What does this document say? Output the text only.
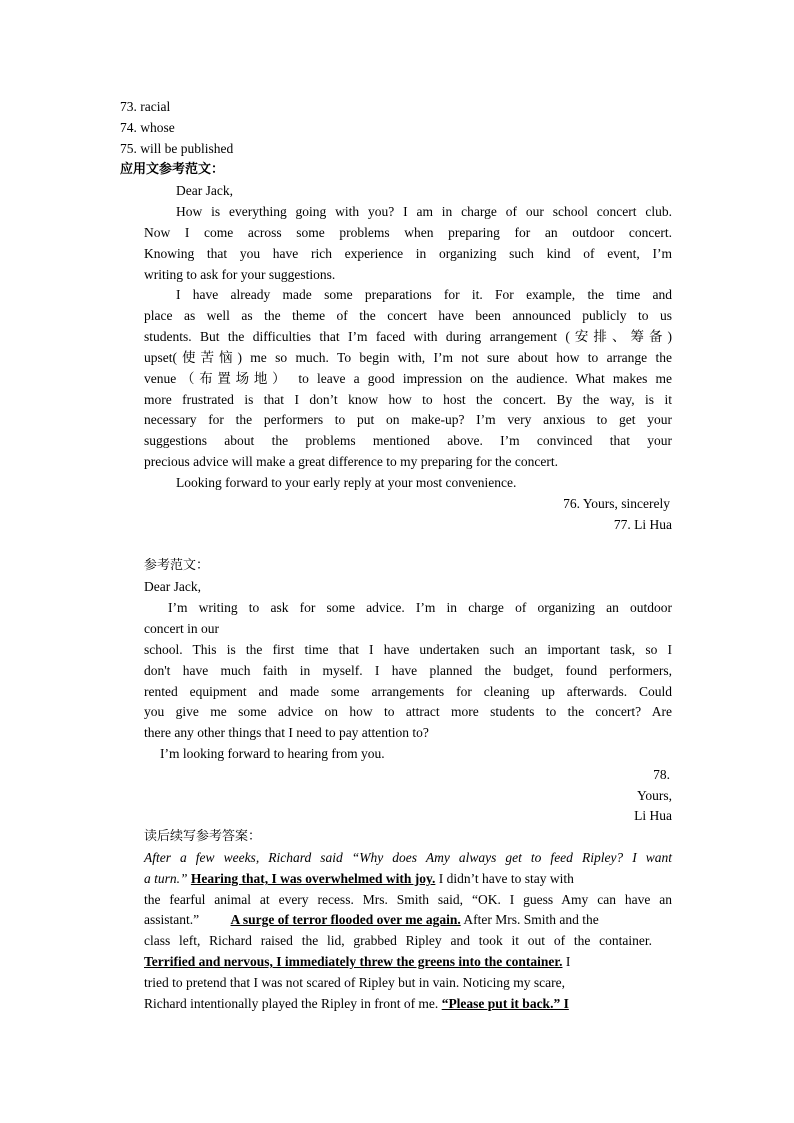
73. racial
74. whose
75. will be published
应用文参考范文：
Dear Jack,
How is everything going with you? I am in charge of our school concert club.
Now I come across some problems when preparing for an outdoor concert.
Knowing that you have rich experience in organizing such kind of event, I’m
writing to ask for your suggestions.
I have already made some preparations for it. For example, the time and
place as well as the theme of the concert have been announced publicly to us
students. But the difficulties that I’m faced with during arrangement (安排、筹备)
upset(使苦恼) me so much. To begin with, I’m not sure about how to arrange the
venue（布置场地） to leave a good impression on the audience. What makes me
more frustrated is that I don’t know how to host the concert. By the way, is it
necessary for the performers to put on make-up? I’m very anxious to get your
suggestions about the problems mentioned above. I’m convinced that your
precious advice will make a great difference to my preparing for the concert.
Looking forward to your early reply at your most convenience.
76. Yours, sincerely
77. Li Hua
参考范文：
Dear Jack,
I’m writing to ask for some advice. I’m in charge of organizing an outdoor
concert in our
school. This is the first time that I have undertaken such an important task, so I
don't have much faith in myself. I have planned the budget, found performers,
rented equipment and made some arrangements for cleaning up afterwards. Could
you give me some advice on how to attract more students to the concert? Are
there any other things that I need to pay attention to?
I’m looking forward to hearing from you.
78.
Yours,
Li Hua
读后续写参考答案：
After a few weeks, Richard said “Why does Amy always get to feed Ripley? I want
a turn.” Hearing that, I was overwhelmed with joy. I didn’t have to stay with
the fearful animal at every recess. Mrs. Smith said, “OK. I guess Amy can have an
assistant.” A surge of terror flooded over me again. After Mrs. Smith and the
class left, Richard raised the lid, grabbed Ripley and took it out of the container.
Terrified and nervous, I immediately threw the greens into the container. I
tried to pretend that I was not scared of Ripley but in vain. Noticing my scare,
Richard intentionally played the Ripley in front of me. “Please put it back.” I
